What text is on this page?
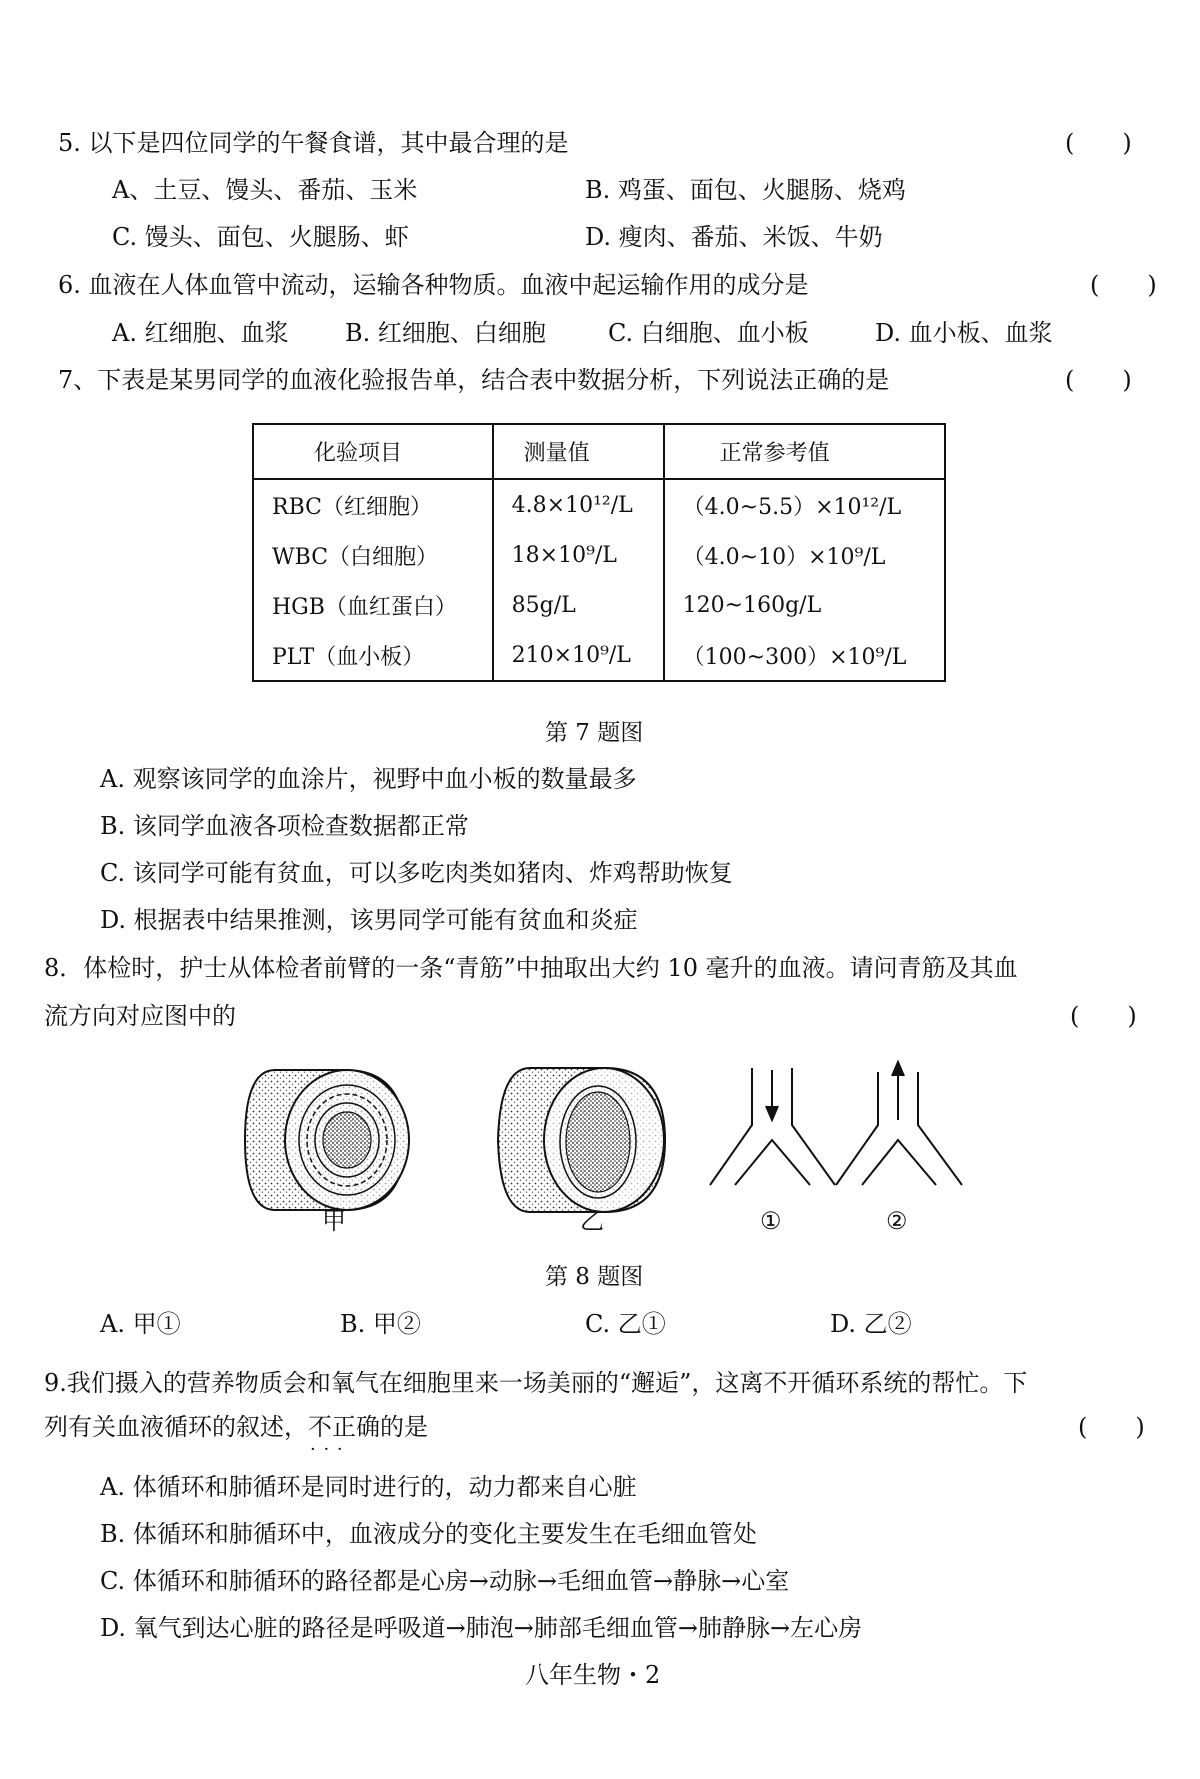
5. 以下是四位同学的午餐食谱，其中最合理的是	(　)
A、土豆、馒头、番茄、玉米	B. 鸡蛋、面包、火腿肠、烧鸡
C. 馒头、面包、火腿肠、虾	D. 瘦肉、番茄、米饭、牛奶
6. 血液在人体血管中流动，运输各种物质。血液中起运输作用的成分是	(　)
A. 红细胞、血浆 B. 红细胞、白细胞	C. 白细胞、血小板	D. 血小板、血浆
7、下表是某男同学的血液化验报告单，结合表中数据分析，下列说法正确的是	(　)
化验项目	测量值	正常参考值
RBC（红细胞）	4.8×10¹²/L	（4.0~5.5）×10¹²/L
WBC（白细胞）	18×10⁹/L	（4.0~10）×10⁹/L
HGB（血红蛋白）	85g/L	120~160g/L
PLT（血小板）	210×10⁹/L	（100~300）×10⁹/L
第 7 题图
A. 观察该同学的血涂片，视野中血小板的数量最多
B. 该同学血液各项检查数据都正常
C. 该同学可能有贫血，可以多吃肉类如猪肉、炸鸡帮助恢复
D. 根据表中结果推测，该男同学可能有贫血和炎症
8．体检时，护士从体检者前臂的一条“青筋”中抽取出大约 10 毫升的血液。请问青筋及其血
流方向对应图中的	(　)
甲	乙	①	②
第 8 题图
A. 甲①	B. 甲②	C. 乙①	D. 乙②
9.我们摄入的营养物质会和氧气在细胞里来一场美丽的“邂逅”，这离不开循环系统的帮忙。下
列有关血液循环的叙述，不正确 · · ·的是	(　)
A. 体循环和肺循环是同时进行的，动力都来自心脏
B. 体循环和肺循环中，血液成分的变化主要发生在毛细血管处
C. 体循环和肺循环的路径都是心房→动脉→毛细血管→静脉→心室
D. 氧气到达心脏的路径是呼吸道→肺泡→肺部毛细血管→肺静脉→左心房
八年生物・2
